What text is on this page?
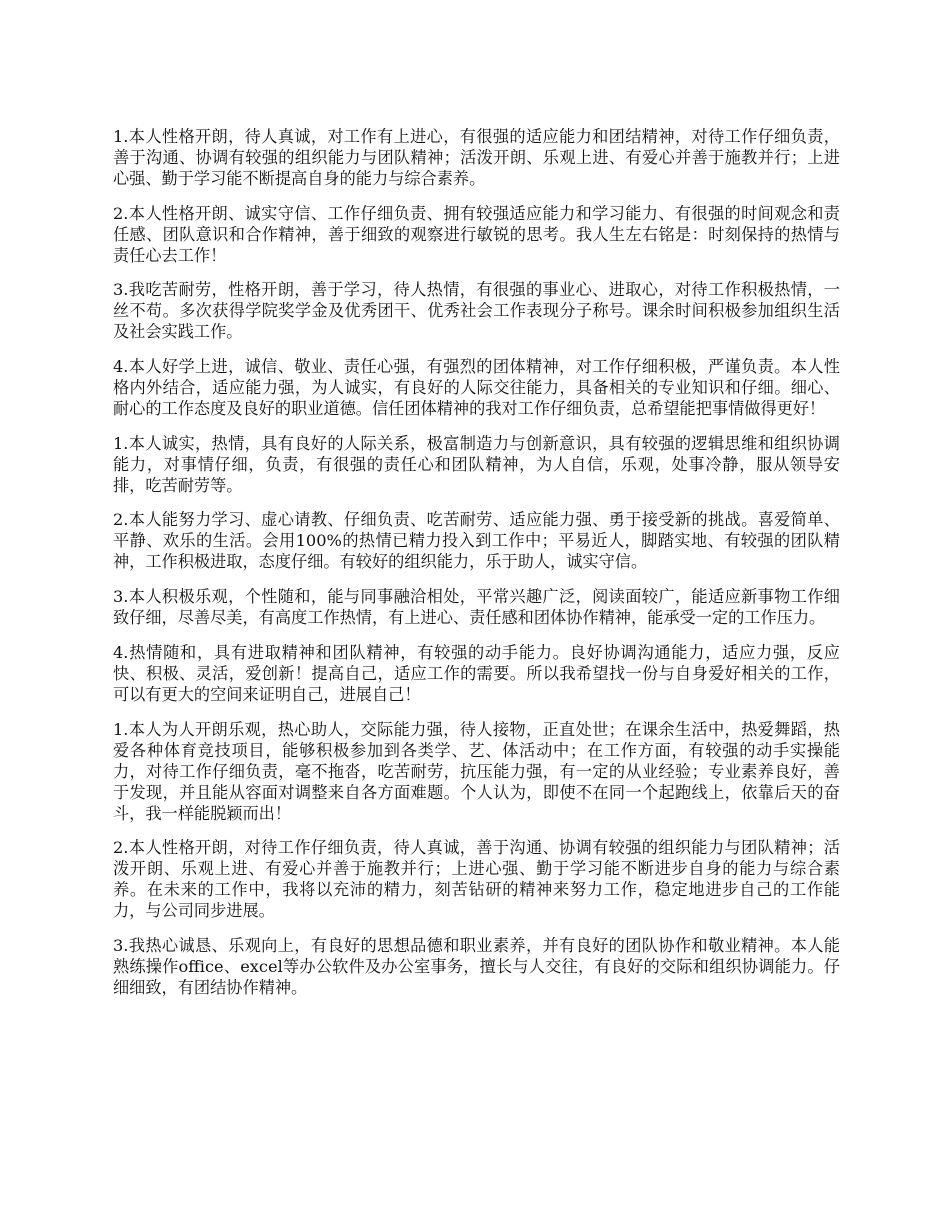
1.本人性格开朗，待人真诚，对工作有上进心，有很强的适应能力和团结精神，对待工作仔细负责，善于沟通、协调有较强的组织能力与团队精神；活泼开朗、乐观上进、有爱心并善于施教并行；上进心强、勤于学习能不断提高自身的能力与综合素养。

2.本人性格开朗、诚实守信、工作仔细负责、拥有较强适应能力和学习能力、有很强的时间观念和责任感、团队意识和合作精神，善于细致的观察进行敏锐的思考。我人生左右铭是：时刻保持的热情与责任心去工作！

3.我吃苦耐劳，性格开朗，善于学习，待人热情，有很强的事业心、进取心，对待工作积极热情，一丝不苟。多次获得学院奖学金及优秀团干、优秀社会工作表现分子称号。课余时间积极参加组织生活及社会实践工作。

4.本人好学上进，诚信、敬业、责任心强，有强烈的团体精神，对工作仔细积极，严谨负责。本人性格内外结合，适应能力强，为人诚实，有良好的人际交往能力，具备相关的专业知识和仔细。细心、耐心的工作态度及良好的职业道德。信任团体精神的我对工作仔细负责，总希望能把事情做得更好！

1.本人诚实，热情，具有良好的人际关系，极富制造力与创新意识，具有较强的逻辑思维和组织协调能力，对事情仔细，负责，有很强的责任心和团队精神，为人自信，乐观，处事冷静，服从领导安排，吃苦耐劳等。

2.本人能努力学习、虚心请教、仔细负责、吃苦耐劳、适应能力强、勇于接受新的挑战。喜爱简单、平静、欢乐的生活。会用100%的热情已精力投入到工作中；平易近人，脚踏实地、有较强的团队精神，工作积极进取，态度仔细。有较好的组织能力，乐于助人，诚实守信。

3.本人积极乐观，个性随和，能与同事融洽相处，平常兴趣广泛，阅读面较广，能适应新事物工作细致仔细，尽善尽美，有高度工作热情，有上进心、责任感和团体协作精神，能承受一定的工作压力。

4.热情随和，具有进取精神和团队精神，有较强的动手能力。良好协调沟通能力，适应力强，反应快、积极、灵活，爱创新！提高自己，适应工作的需要。所以我希望找一份与自身爱好相关的工作，可以有更大的空间来证明自己，进展自己！

1.本人为人开朗乐观，热心助人，交际能力强，待人接物，正直处世；在课余生活中，热爱舞蹈，热爱各种体育竞技项目，能够积极参加到各类学、艺、体活动中；在工作方面，有较强的动手实操能力，对待工作仔细负责，毫不拖沓，吃苦耐劳，抗压能力强，有一定的从业经验；专业素养良好，善于发现，并且能从容面对调整来自各方面难题。个人认为，即使不在同一个起跑线上，依靠后天的奋斗，我一样能脱颖而出！

2.本人性格开朗，对待工作仔细负责，待人真诚，善于沟通、协调有较强的组织能力与团队精神；活泼开朗、乐观上进、有爱心并善于施教并行；上进心强、勤于学习能不断进步自身的能力与综合素养。在未来的工作中，我将以充沛的精力，刻苦钻研的精神来努力工作，稳定地进步自己的工作能力，与公司同步进展。

3.我热心诚恳、乐观向上，有良好的思想品德和职业素养，并有良好的团队协作和敬业精神。本人能熟练操作office、excel等办公软件及办公室事务，擅长与人交往，有良好的交际和组织协调能力。仔细细致，有团结协作精神。
